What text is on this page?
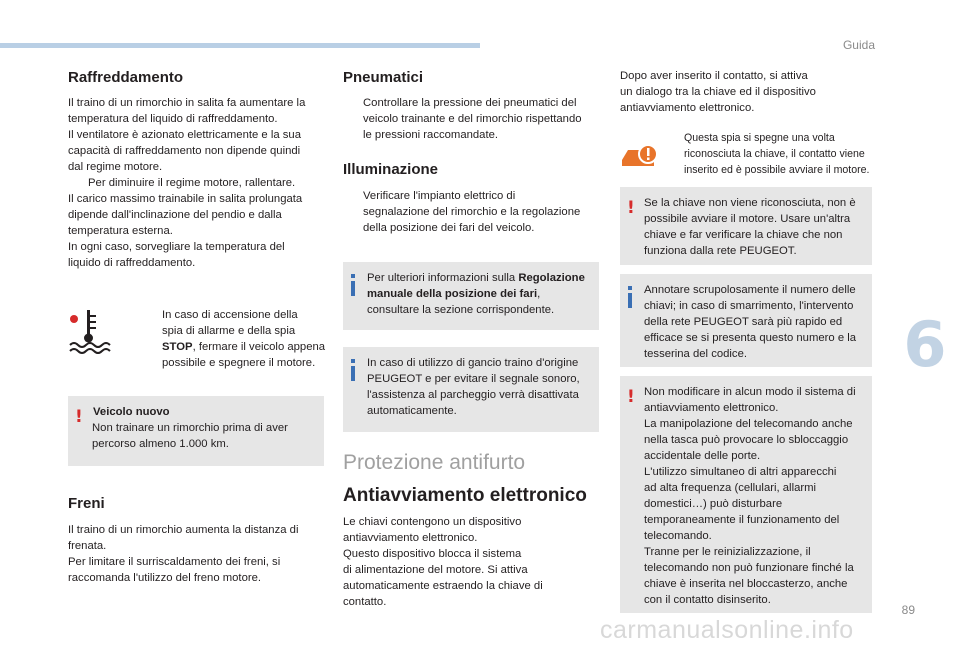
Guida
6
89
carmanualsonline.info
Raffreddamento

Il traino di un rimorchio in salita fa aumentare la
temperatura del liquido di raffreddamento.
Il ventilatore è azionato elettricamente e la sua
capacità di raffreddamento non dipende quindi
dal regime motore.

Per diminuire il regime motore, rallentare.

Il carico massimo trainabile in salita prolungata
dipende dall'inclinazione del pendio e dalla
temperatura esterna.
In ogni caso, sorvegliare la temperatura del
liquido di raffreddamento.

In caso di accensione della
spia di allarme e della spia
STOP, fermare il veicolo appena
possibile e spegnere il motore.

! Veicolo nuovo

Non trainare un rimorchio prima di aver
percorso almeno 1.000 km.

Freni

Il traino di un rimorchio aumenta la distanza di
frenata.
Per limitare il surriscaldamento dei freni, si
raccomanda l'utilizzo del freno motore.

Pneumatici

Controllare la pressione dei pneumatici del
veicolo trainante e del rimorchio rispettando
le pressioni raccomandate.

Illuminazione

Verificare l'impianto elettrico di
segnalazione del rimorchio e la regolazione
della posizione dei fari del veicolo.

Per ulteriori informazioni sulla Regolazione
manuale della posizione dei fari,
consultare la sezione corrispondente.

In caso di utilizzo di gancio traino d'origine
PEUGEOT e per evitare il segnale sonoro,
l'assistenza al parcheggio verrà disattivata
automaticamente.

Protezione antifurto
Antiavviamento elettronico

Le chiavi contengono un dispositivo
antiavviamento elettronico.
Questo dispositivo blocca il sistema
di alimentazione del motore. Si attiva
automaticamente estraendo la chiave di
contatto.

Dopo aver inserito il contatto, si attiva
un dialogo tra la chiave ed il dispositivo
antiavviamento elettronico.

Questa spia si spegne una volta
riconosciuta la chiave, il contatto viene
inserito ed è possibile avviare il motore.

! Se la chiave non viene riconosciuta, non è
possibile avviare il motore. Usare un'altra
chiave e far verificare la chiave che non
funziona dalla rete PEUGEOT.

Annotare scrupolosamente il numero delle
chiavi; in caso di smarrimento, l'intervento
della rete PEUGEOT sarà più rapido ed
efficace se si presenta questo numero e la
tesserina del codice.

! Non modificare in alcun modo il sistema di
antiavviamento elettronico.
La manipolazione del telecomando anche
nella tasca può provocare lo sbloccaggio
accidentale delle porte.
L'utilizzo simultaneo di altri apparecchi
ad alta frequenza (cellulari, allarmi
domestici…) può disturbare
temporaneamente il funzionamento del
telecomando.
Tranne per le reinizializzazione, il
telecomando non può funzionare finché la
chiave è inserita nel bloccasterzo, anche
con il contatto disinserito.
